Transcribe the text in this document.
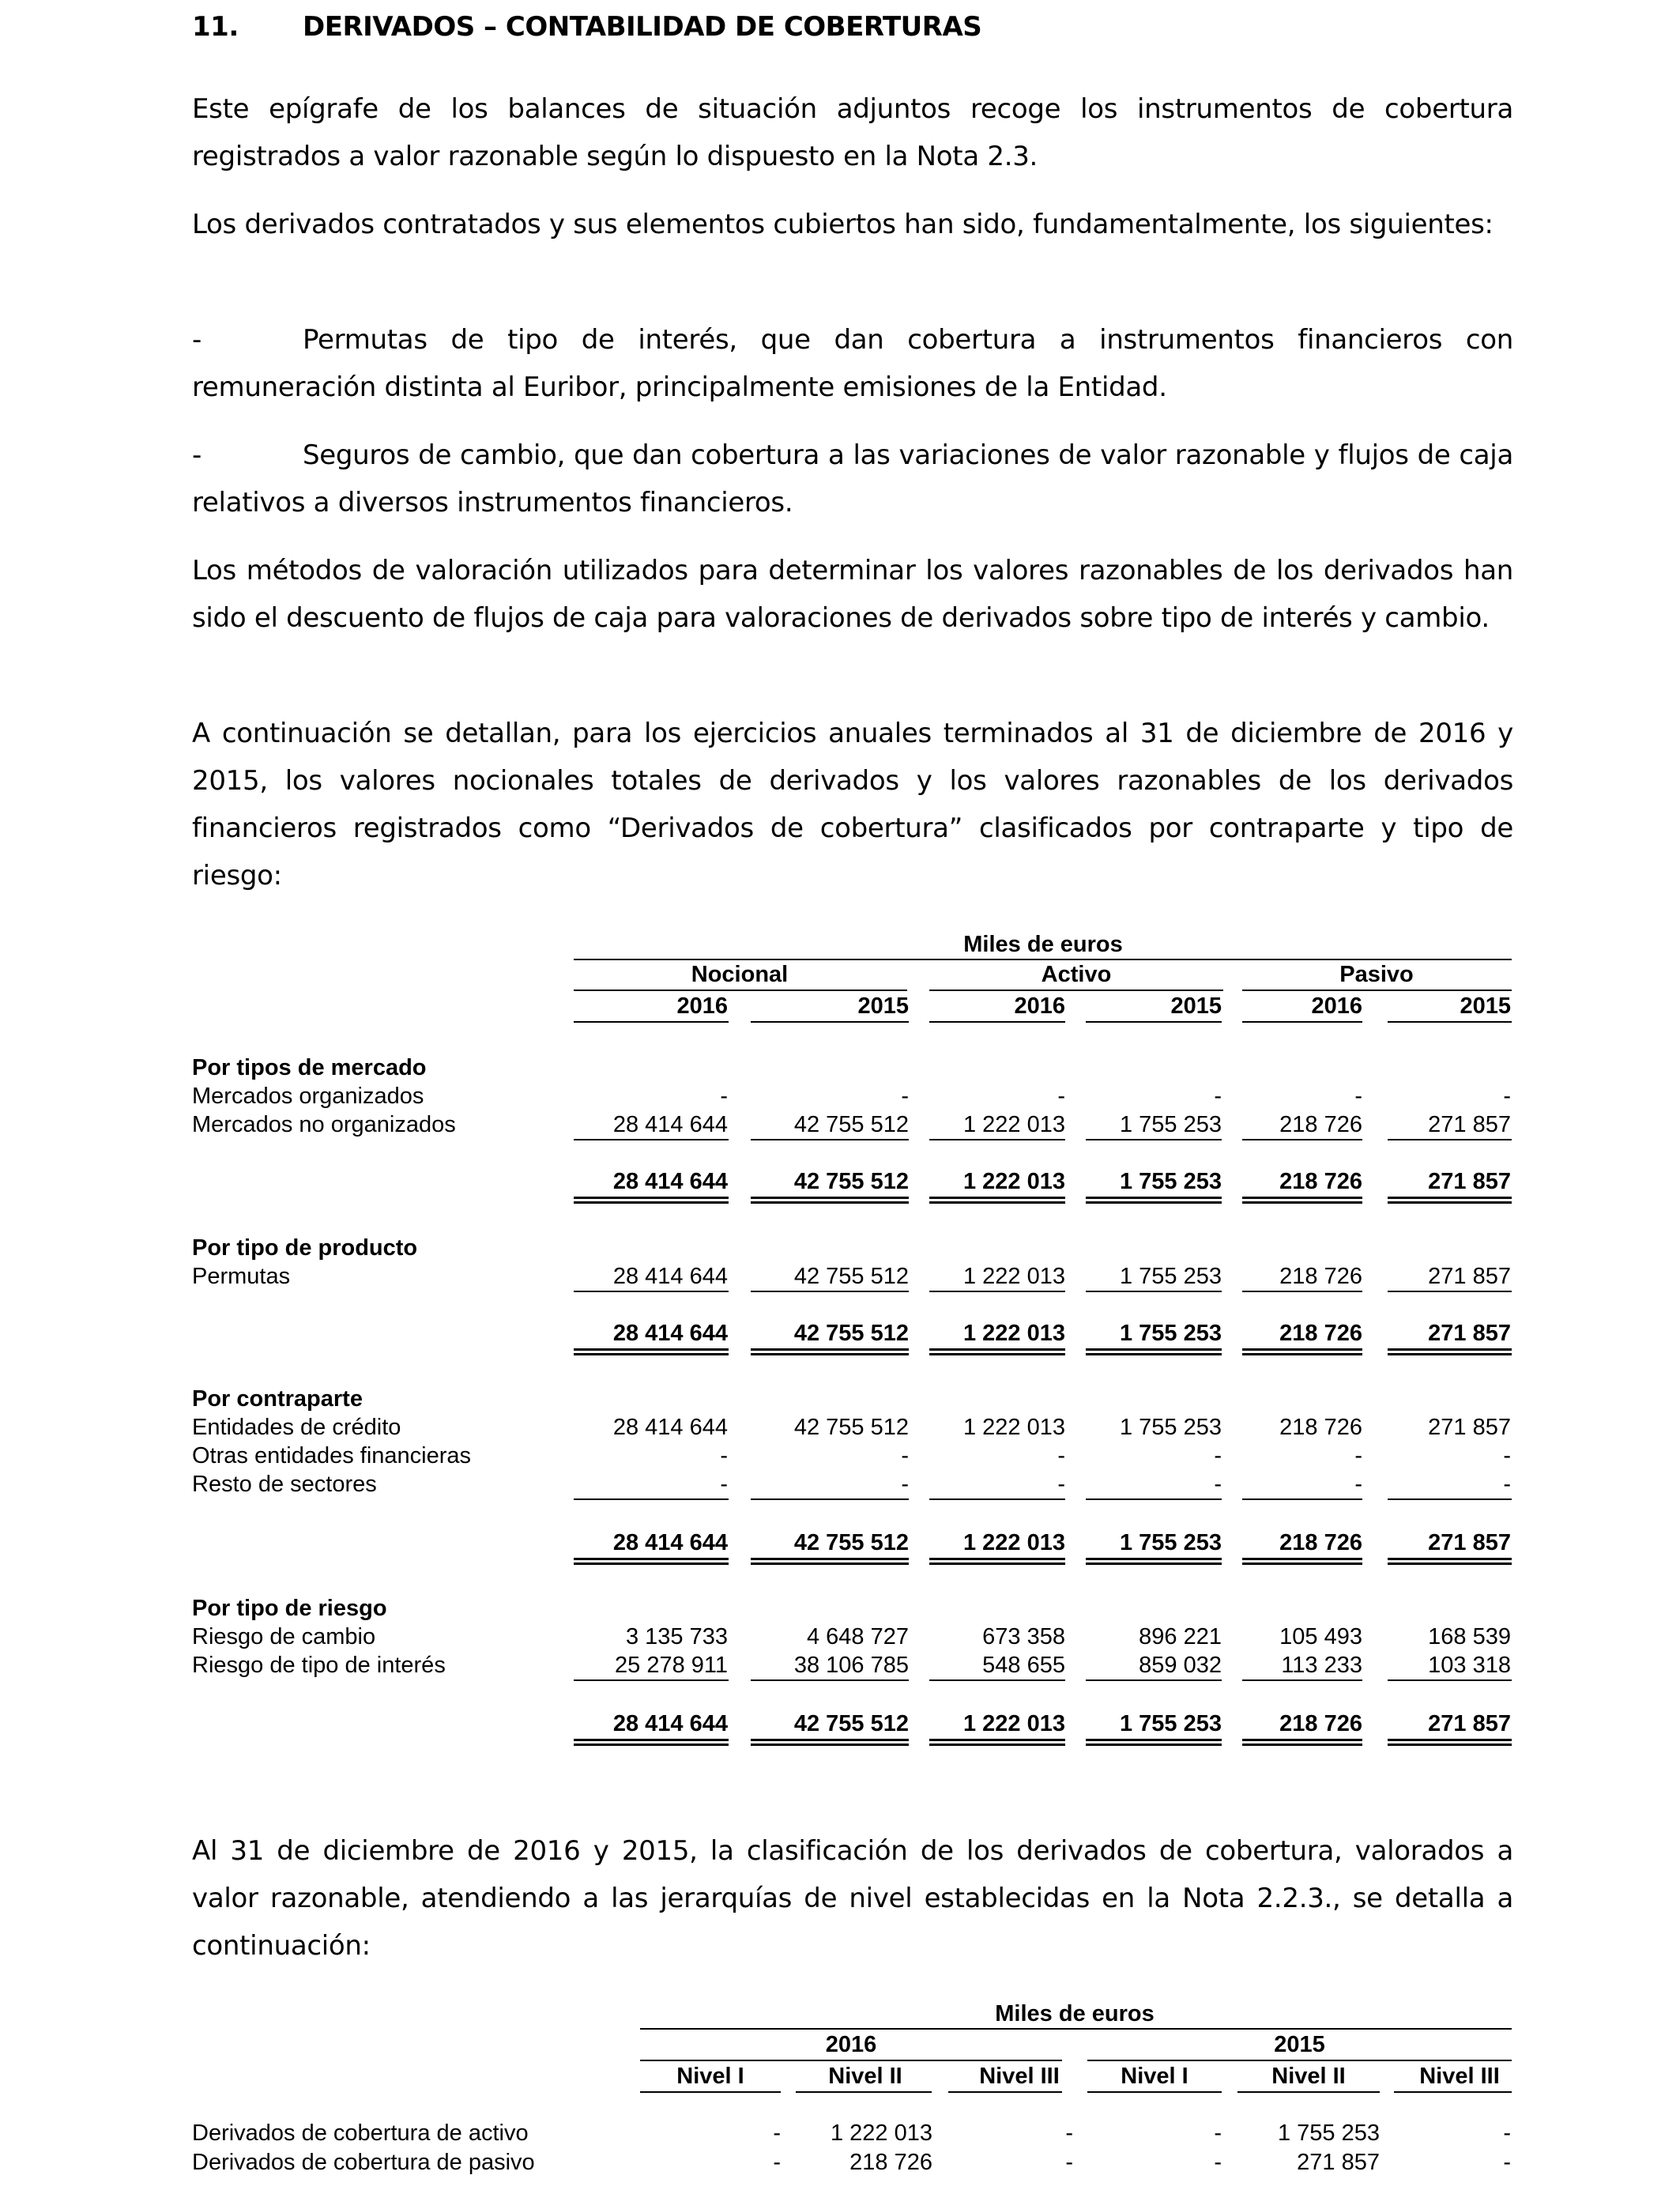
11. DERIVADOS – CONTABILIDAD DE COBERTURAS
Este epígrafe de los balances de situación adjuntos recoge los instrumentos de cobertura registrados a valor razonable según lo dispuesto en la Nota 2.3.
Los derivados contratados y sus elementos cubiertos han sido, fundamentalmente, los siguientes:
-	Permutas de tipo de interés, que dan cobertura a instrumentos financieros con remuneración distinta al Euribor, principalmente emisiones de la Entidad.
-	Seguros de cambio, que dan cobertura a las variaciones de valor razonable y flujos de caja relativos a diversos instrumentos financieros.
Los métodos de valoración utilizados para determinar los valores razonables de los derivados han sido el descuento de flujos de caja para valoraciones de derivados sobre tipo de interés y cambio.
A continuación se detallan, para los ejercicios anuales terminados al 31 de diciembre de 2016 y 2015, los valores nocionales totales de derivados y los valores razonables de los derivados financieros registrados como “Derivados de cobertura” clasificados por contraparte y tipo de riesgo:
Miles de euros
Nocional	Activo	Pasivo
2016	2015	2016	2015	2016	2015
Por tipos de mercado
Mercados organizados	-	-	-	-	-	-
Mercados no organizados	28 414 644	42 755 512	1 222 013	1 755 253	218 726	271 857
28 414 644	42 755 512	1 222 013	1 755 253	218 726	271 857
Por tipo de producto
Permutas	28 414 644	42 755 512	1 222 013	1 755 253	218 726	271 857
28 414 644	42 755 512	1 222 013	1 755 253	218 726	271 857
Por contraparte
Entidades de crédito	28 414 644	42 755 512	1 222 013	1 755 253	218 726	271 857
Otras entidades financieras	-	-	-	-	-	-
Resto de sectores	-	-	-	-	-	-
28 414 644	42 755 512	1 222 013	1 755 253	218 726	271 857
Por tipo de riesgo
Riesgo de cambio	3 135 733	4 648 727	673 358	896 221	105 493	168 539
Riesgo de tipo de interés	25 278 911	38 106 785	548 655	859 032	113 233	103 318
28 414 644	42 755 512	1 222 013	1 755 253	218 726	271 857
Al 31 de diciembre de 2016 y 2015, la clasificación de los derivados de cobertura, valorados a valor razonable, atendiendo a las jerarquías de nivel establecidas en la Nota 2.2.3., se detalla a continuación:
Miles de euros
2016	2015
Nivel I	Nivel II	Nivel III	Nivel I	Nivel II	Nivel III
Derivados de cobertura de activo	-	1 222 013	-	-	1 755 253	-
Derivados de cobertura de pasivo	-	218 726	-	-	271 857	-
